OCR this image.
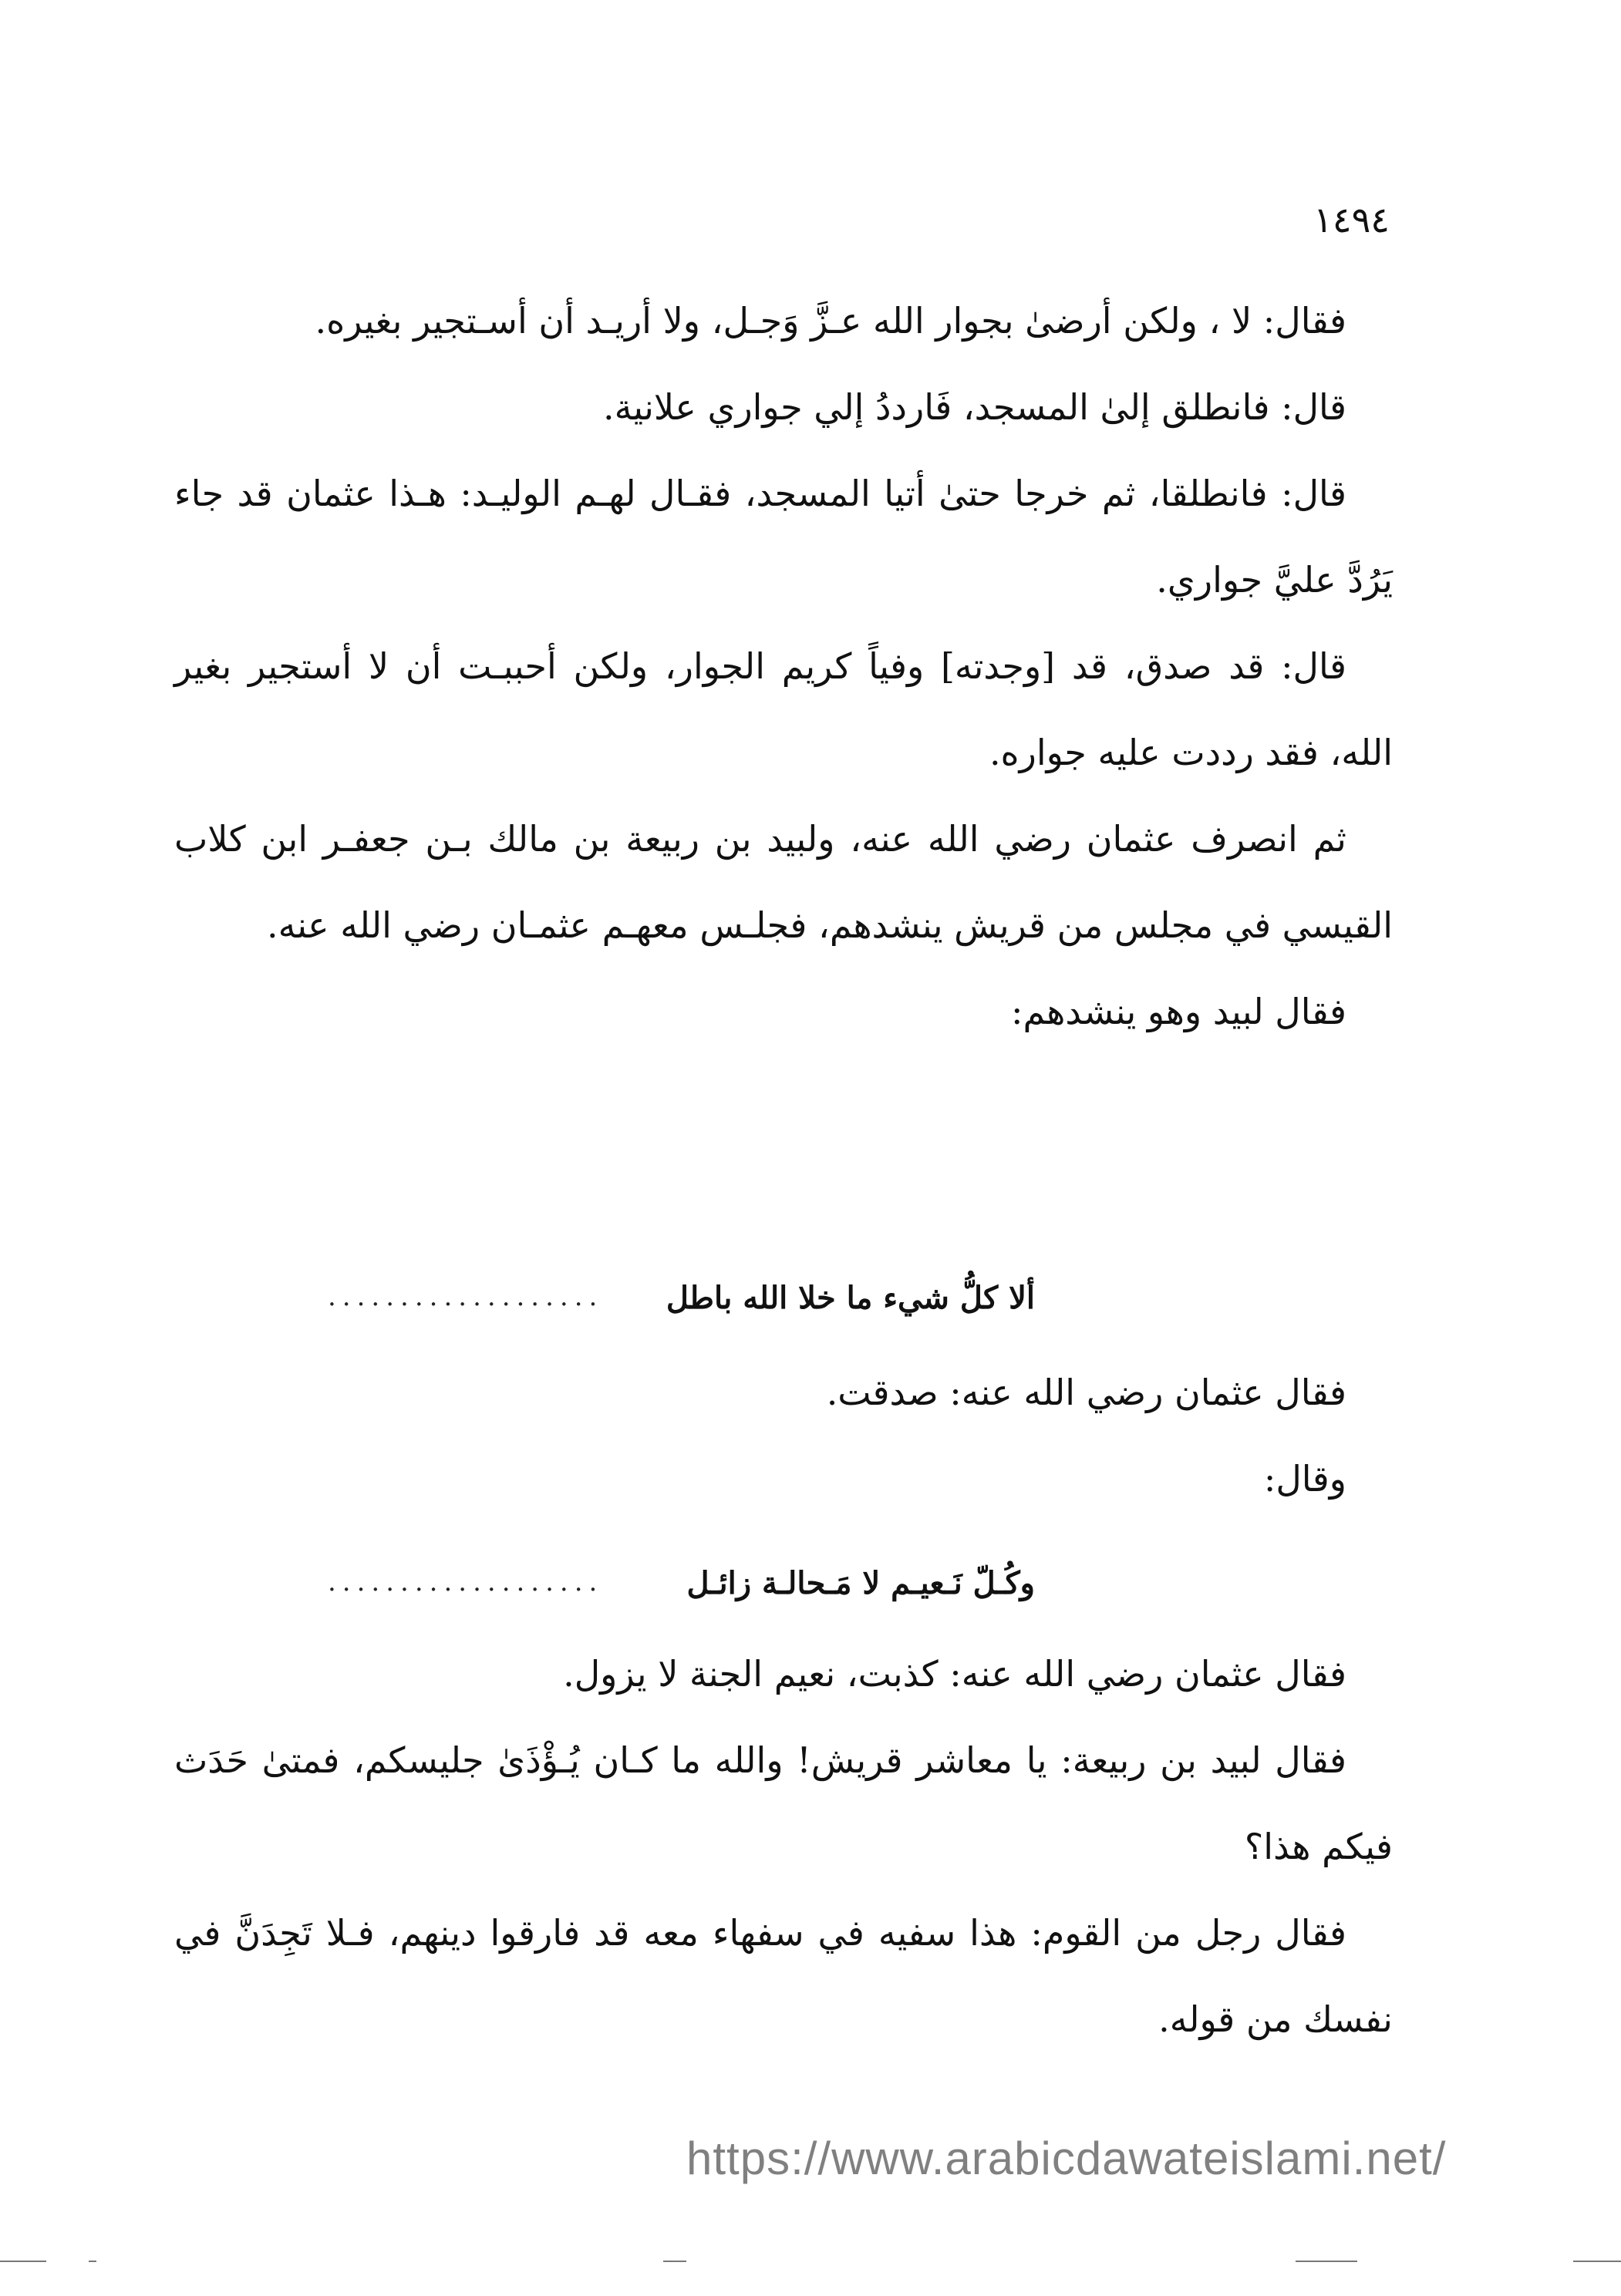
١٤٩٤

فقال: لا ، ولكن أرضىٰ بجوار الله عـزَّ وَجـل، ولا أريـد أن أسـتجير بغيره.

قال: فانطلق إلىٰ المسجد، فَارددُ إلي جواري علانية.

قال: فانطلقا، ثم خرجا حتىٰ أتيا المسجد، فقـال لهـم الوليـد: هـذا عثمان قد جاء يَرُدَّ عليَّ جواري.

قال: قد صدق، قد [وجدته] وفياً كريم الجوار، ولكن أحببـت أن لا أستجير بغير الله، فقد رددت عليه جواره.

ثم انصرف عثمان رضي الله عنه، ولبيد بن ربيعة بن مالك بـن جعفـر ابن كلاب القيسي في مجلس من قريش ينشدهم، فجلـس معهـم عثمـان رضي الله عنه.

فقال لبيد وهو ينشدهم:

ألا كلُّ شيء ما خلا الله باطل
...................

فقال عثمان رضي الله عنه: صدقت.

وقال:

وكُـلّ نَـعيـم لا مَـحالـة زائـل
...................

فقال عثمان رضي الله عنه: كذبت، نعيم الجنة لا يزول.

فقال لبيد بن ربيعة: يا معاشر قريش! والله ما كـان يُـؤْذَىٰ جليسكم، فمتىٰ حَدَث فيكم هذا؟

فقال رجل من القوم: هذا سفيه في سفهاء معه قد فارقوا دينهم، فـلا تَجِدَنَّ في نفسك من قوله.

https://www.arabicdawateislami.net/
